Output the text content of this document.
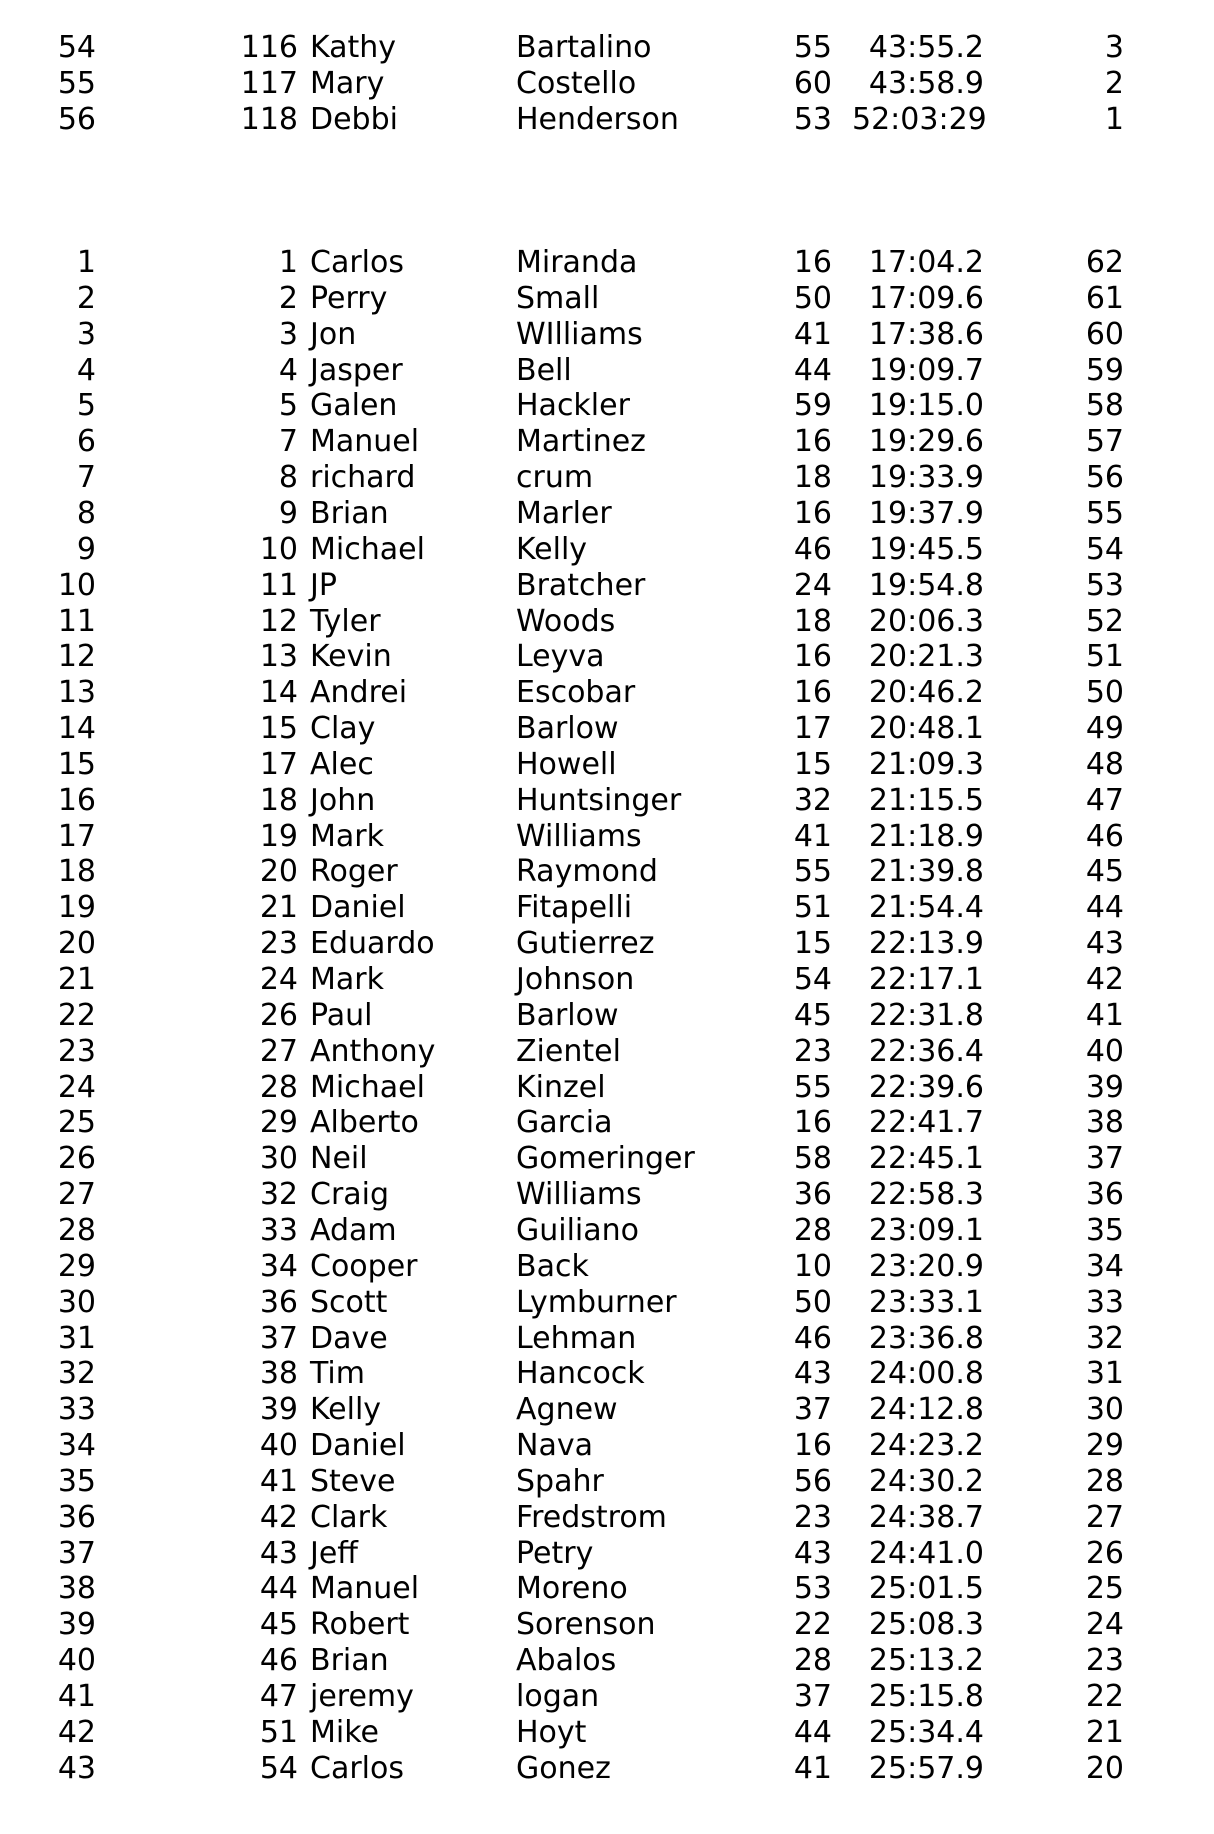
54	116 Kathy	Bartalino	55	43:55.2	3
55	117 Mary	Costello	60	43:58.9	2
56	118 Debbi	Henderson	53 52:03:29	1
1	1 Carlos	Miranda	16	17:04.2	62
2	2 Perry	Small	50	17:09.6	61
3	3 Jon	WIlliams	41	17:38.6	60
4	4 Jasper	Bell	44	19:09.7	59
5	5 Galen	Hackler	59	19:15.0	58
6	7 Manuel	Martinez	16	19:29.6	57
7	8 richard	crum	18	19:33.9	56
8	9 Brian	Marler	16	19:37.9	55
9	10 Michael	Kelly	46	19:45.5	54
10	11 JP	Bratcher	24	19:54.8	53
11	12 Tyler	Woods	18	20:06.3	52
12	13 Kevin	Leyva	16	20:21.3	51
13	14 Andrei	Escobar	16	20:46.2	50
14	15 Clay	Barlow	17	20:48.1	49
15	17 Alec	Howell	15	21:09.3	48
16	18 John	Huntsinger	32	21:15.5	47
17	19 Mark	Williams	41	21:18.9	46
18	20 Roger	Raymond	55	21:39.8	45
19	21 Daniel	Fitapelli	51	21:54.4	44
20	23 Eduardo	Gutierrez	15	22:13.9	43
21	24 Mark	Johnson	54	22:17.1	42
22	26 Paul	Barlow	45	22:31.8	41
23	27 Anthony	Zientel	23	22:36.4	40
24	28 Michael	Kinzel	55	22:39.6	39
25	29 Alberto	Garcia	16	22:41.7	38
26	30 Neil	Gomeringer	58	22:45.1	37
27	32 Craig	Williams	36	22:58.3	36
28	33 Adam	Guiliano	28	23:09.1	35
29	34 Cooper	Back	10	23:20.9	34
30	36 Scott	Lymburner	50	23:33.1	33
31	37 Dave	Lehman	46	23:36.8	32
32	38 Tim	Hancock	43	24:00.8	31
33	39 Kelly	Agnew	37	24:12.8	30
34	40 Daniel	Nava	16	24:23.2	29
35	41 Steve	Spahr	56	24:30.2	28
36	42 Clark	Fredstrom	23	24:38.7	27
37	43 Jeff	Petry	43	24:41.0	26
38	44 Manuel	Moreno	53	25:01.5	25
39	45 Robert	Sorenson	22	25:08.3	24
40	46 Brian	Abalos	28	25:13.2	23
41	47 jeremy	logan	37	25:15.8	22
42	51 Mike	Hoyt	44	25:34.4	21
43	54 Carlos	Gonez	41	25:57.9	20
